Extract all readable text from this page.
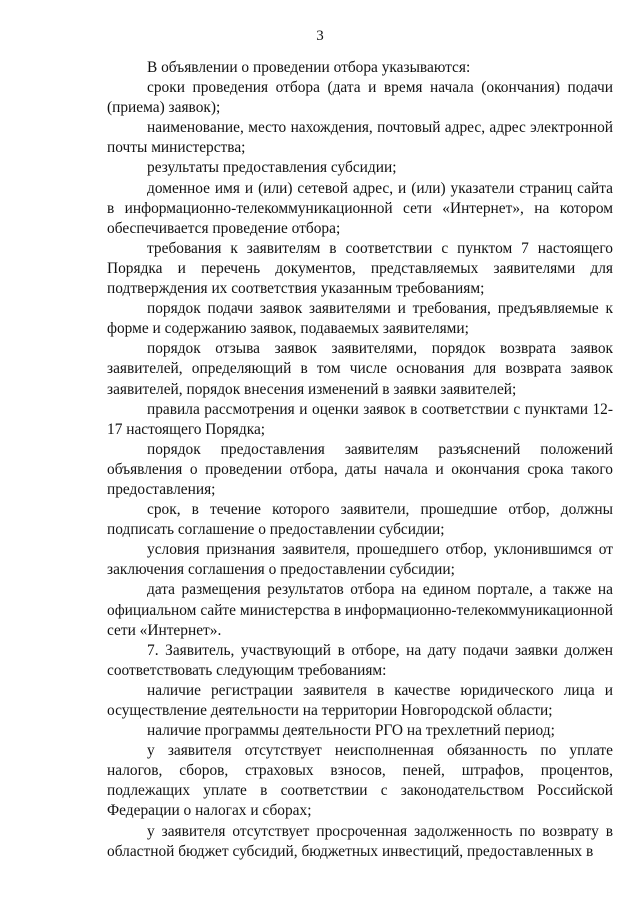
3

В объявлении о проведении отбора указываются:

сроки проведения отбора (дата и время начала (окончания) подачи (приема) заявок);

наименование, место нахождения, почтовый адрес, адрес электронной почты министерства;

результаты предоставления субсидии;

доменное имя и (или) сетевой адрес, и (или) указатели страниц сайта в информационно-телекоммуникационной сети «Интернет», на котором обеспечивается проведение отбора;

требования к заявителям в соответствии с пунктом 7 настоящего Порядка и перечень документов, представляемых заявителями для подтверждения их соответствия указанным требованиям;

порядок подачи заявок заявителями и требования, предъявляемые к форме и содержанию заявок, подаваемых заявителями;

порядок отзыва заявок заявителями, порядок возврата заявок заявителей, определяющий в том числе основания для возврата заявок заявителей, порядок внесения изменений в заявки заявителей;

правила рассмотрения и оценки заявок в соответствии с пунктами 12-17 настоящего Порядка;

порядок предоставления заявителям разъяснений положений объявления о проведении отбора, даты начала и окончания срока такого предоставления;

срок, в течение которого заявители, прошедшие отбор, должны подписать соглашение о предоставлении субсидии;

условия признания заявителя, прошедшего отбор, уклонившимся от заключения соглашения о предоставлении субсидии;

дата размещения результатов отбора на едином портале, а также на официальном сайте министерства в информационно-телекоммуникационной сети «Интернет».

7. Заявитель, участвующий в отборе, на дату подачи заявки должен соответствовать следующим требованиям:

наличие регистрации заявителя в качестве юридического лица и осуществление деятельности на территории Новгородской области;

наличие программы деятельности РГО на трехлетний период;

у заявителя отсутствует неисполненная обязанность по уплате налогов, сборов, страховых взносов, пеней, штрафов, процентов, подлежащих уплате в соответствии с законодательством Российской Федерации о налогах и сборах;

у заявителя отсутствует просроченная задолженность по возврату в областной бюджет субсидий, бюджетных инвестиций, предоставленных в
